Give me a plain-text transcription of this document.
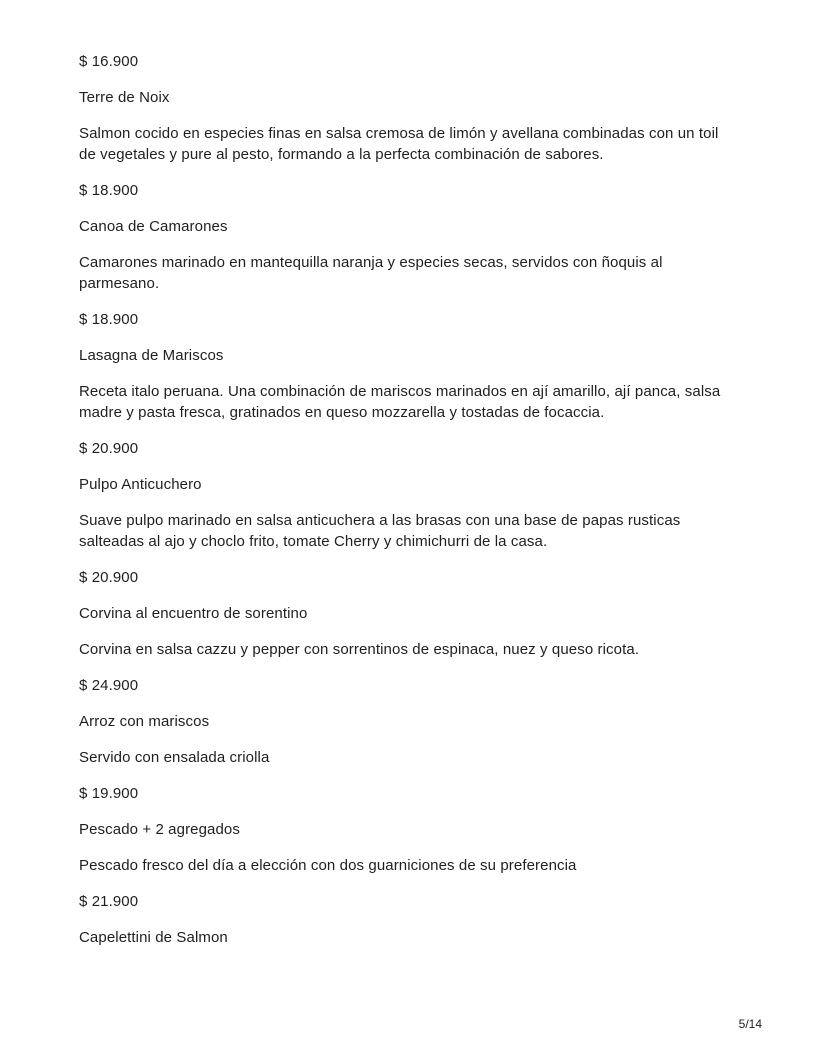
$ 16.900

Terre de Noix

Salmon cocido en especies finas en salsa cremosa de limón y avellana combinadas con un toil de vegetales y pure al pesto, formando a la perfecta combinación de sabores.

$ 18.900

Canoa de Camarones

Camarones marinado en mantequilla naranja y especies secas, servidos con ñoquis al parmesano.

$ 18.900

Lasagna de Mariscos

Receta italo peruana. Una combinación de mariscos marinados en ají amarillo, ají panca, salsa madre y pasta fresca, gratinados en queso mozzarella y tostadas de focaccia.

$ 20.900

Pulpo Anticuchero

Suave pulpo marinado en salsa anticuchera a las brasas con una base de papas rusticas salteadas al ajo y choclo frito, tomate Cherry y chimichurri de la casa.

$ 20.900

Corvina al encuentro de sorentino

Corvina en salsa cazzu y pepper con sorrentinos de espinaca, nuez y queso ricota.

$ 24.900

Arroz con mariscos

Servido con ensalada criolla

$ 19.900

Pescado + 2 agregados

Pescado fresco del día a elección con dos guarniciones de su preferencia

$ 21.900

Capelettini de Salmon

5/14
